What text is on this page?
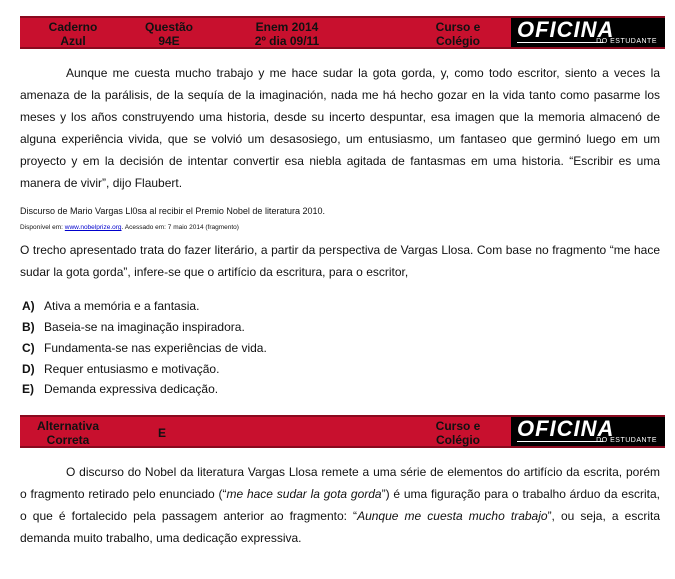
Caderno
Azul
Questão
94E
Enem 2014
2º dia 09/11
Curso e
Colégio	OFICINA
DO ESTUDANTE

Aunque me cuesta mucho trabajo y me hace sudar la gota gorda, y, como todo escritor, siento a veces la amenaza de la parálisis, de la sequía de la imaginación, nada me há hecho gozar en la vida tanto como pasarme los meses y los años construyendo uma historia, desde su incerto despuntar, esa imagen que la memoria almacenó de alguna experiência vivida, que se volvió um desasosiego, um entusiasmo, um fantaseo que germinó luego em um proyecto y em la decisión de intentar convertir esa niebla agitada de fantasmas em uma historia. “Escribir es uma manera de vivir”, dijo Flaubert.

Discurso de Mario Vargas Ll0sa al recibir el Premio Nobel de literatura 2010.

Disponível em: www.nobelprize.org. Acessado em: 7 maio 2014 (fragmento)

O trecho apresentado trata do fazer literário, a partir da perspectiva de Vargas Llosa. Com base no fragmento “me hace sudar la gota gorda”, infere-se que o artifício da escritura, para o escritor,

A) Ativa a memória e a fantasia.
B) Baseia-se na imaginação inspiradora.
C) Fundamenta-se nas experiências de vida.
D) Requer entusiasmo e motivação.
E) Demanda expressiva dedicação.
Alternativa
Correta	E	Curso e
Colégio	OFICINA
DO ESTUDANTE

O discurso do Nobel da literatura Vargas Llosa remete a uma série de elementos do artifício da escrita, porém o fragmento retirado pelo enunciado (“me hace sudar la gota gorda”) é uma figuração para o trabalho árduo da escrita, o que é fortalecido pela passagem anterior ao fragmento: “Aunque me cuesta mucho trabajo”, ou seja, a escrita demanda muito trabalho, uma dedicação expressiva.
